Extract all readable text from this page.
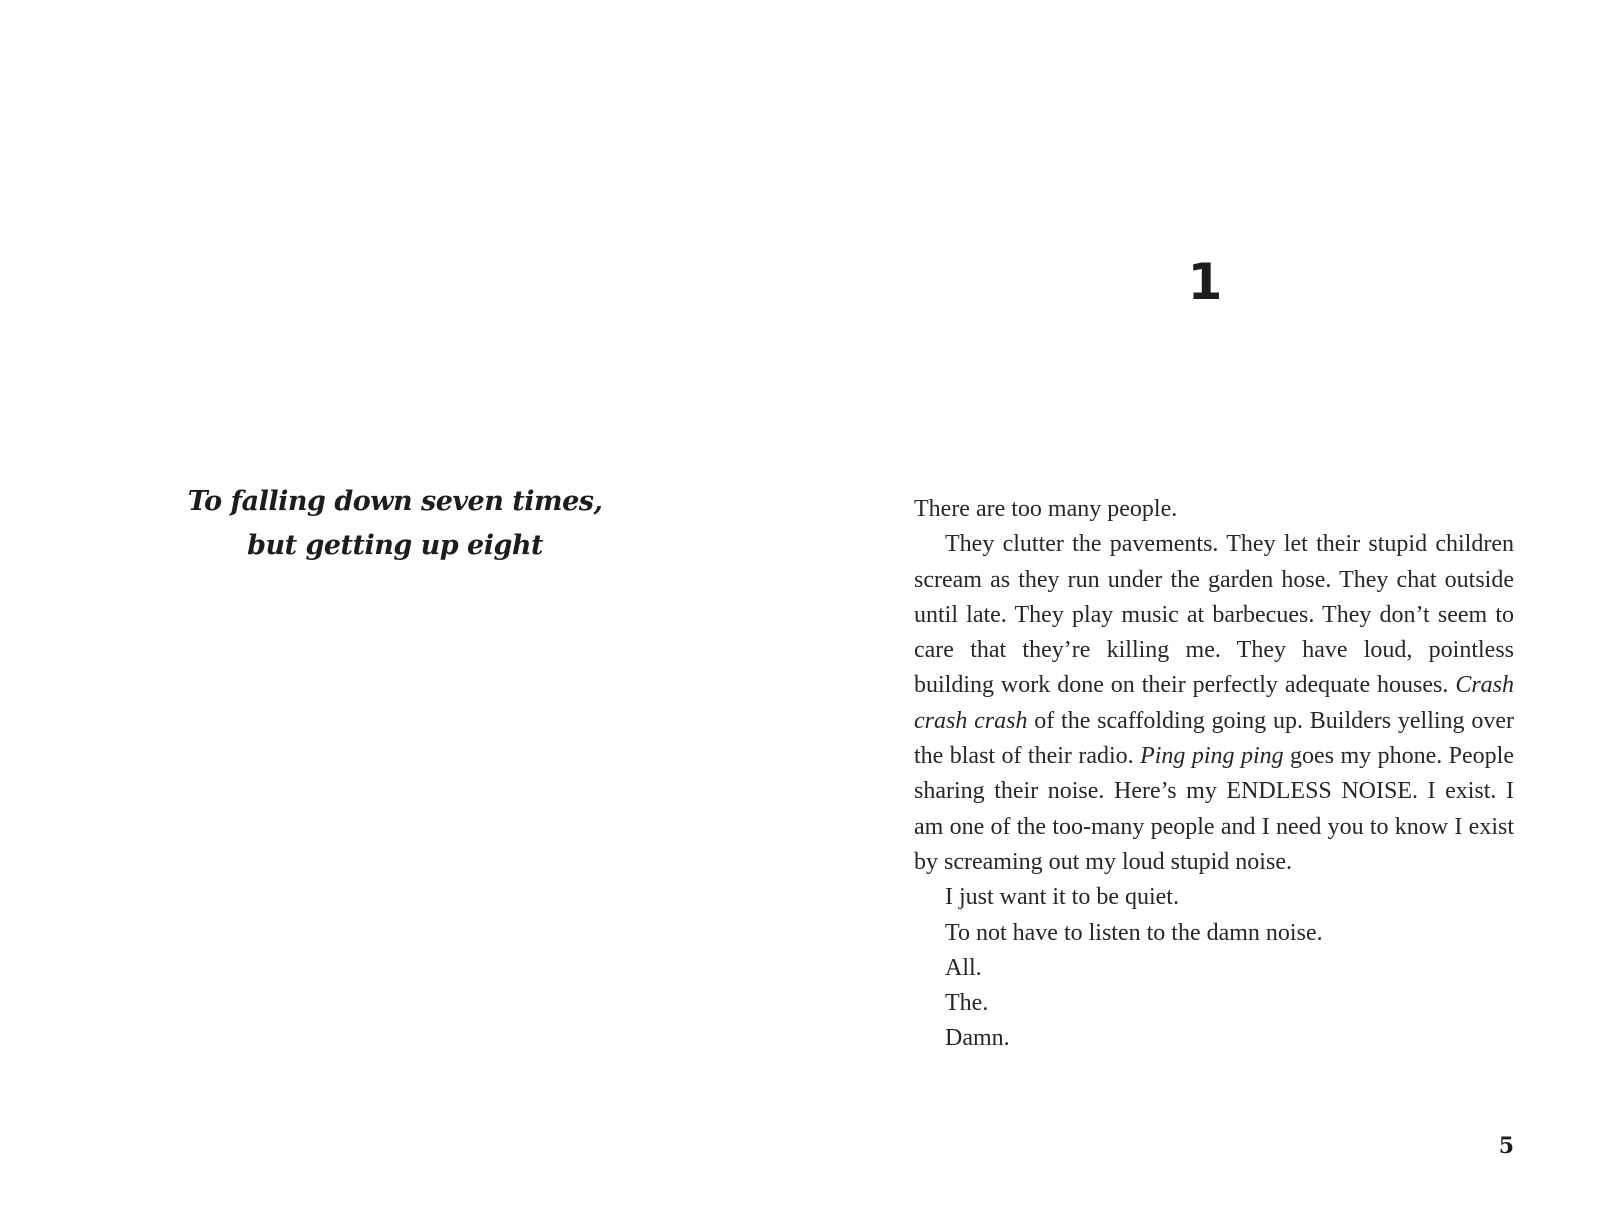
To falling down seven times,
but getting up eight
1

There are too many people.

They clutter the pavements. They let their stupid children scream as they run under the garden hose. They chat outside until late. They play music at barbecues. They don’t seem to care that they’re killing me. They have loud, pointless building work done on their perfectly adequate houses. Crash crash crash of the scaffolding going up. Builders yelling over the blast of their radio. Ping ping ping goes my phone. People sharing their noise. Here’s my ENDLESS NOISE. I exist. I am one of the too-many people and I need you to know I exist by screaming out my loud stupid noise.

I just want it to be quiet.

To not have to listen to the damn noise.

All.

The.

Damn.

5
